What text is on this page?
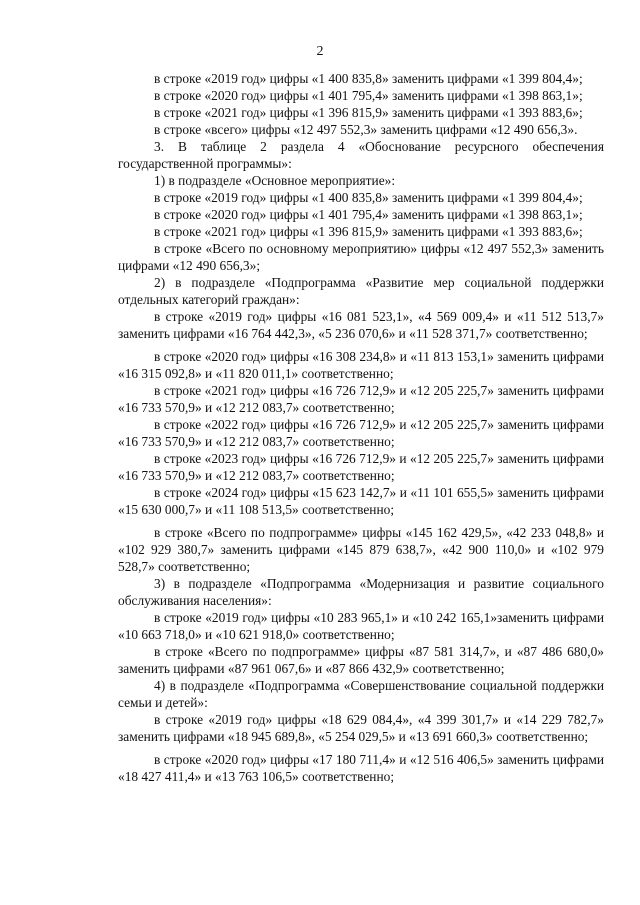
2

в строке «2019 год» цифры «1 400 835,8» заменить цифрами «1 399 804,4»;

в строке «2020 год» цифры «1 401 795,4» заменить цифрами «1 398 863,1»;

в строке «2021 год» цифры «1 396 815,9» заменить цифрами «1 393 883,6»;

в строке «всего» цифры «12 497 552,3» заменить цифрами «12 490 656,3».

3. В таблице 2 раздела 4 «Обоснование ресурсного обеспечения государственной программы»:

1) в подразделе «Основное мероприятие»:

в строке «2019 год» цифры «1 400 835,8» заменить цифрами «1 399 804,4»;

в строке «2020 год» цифры «1 401 795,4» заменить цифрами «1 398 863,1»;

в строке «2021 год» цифры «1 396 815,9» заменить цифрами «1 393 883,6»;

в строке «Всего по основному мероприятию» цифры «12 497 552,3» заменить цифрами «12 490 656,3»;

2) в подразделе «Подпрограмма «Развитие мер социальной поддержки отдельных категорий граждан»:

в строке «2019 год» цифры «16 081 523,1», «4 569 009,4» и «11 512 513,7» заменить цифрами «16 764 442,3», «5 236 070,6» и «11 528 371,7» соответственно;

в строке «2020 год» цифры «16 308 234,8» и «11 813 153,1» заменить цифрами «16 315 092,8» и «11 820 011,1» соответственно;

в строке «2021 год» цифры «16 726 712,9» и «12 205 225,7» заменить цифрами «16 733 570,9» и «12 212 083,7» соответственно;

в строке «2022 год» цифры «16 726 712,9» и «12 205 225,7» заменить цифрами «16 733 570,9» и «12 212 083,7» соответственно;

в строке «2023 год» цифры «16 726 712,9» и «12 205 225,7» заменить цифрами «16 733 570,9» и «12 212 083,7» соответственно;

в строке «2024 год» цифры «15 623 142,7» и «11 101 655,5» заменить цифрами «15 630 000,7» и «11 108 513,5» соответственно;

в строке «Всего по подпрограмме» цифры «145 162 429,5», «42 233 048,8» и «102 929 380,7» заменить цифрами «145 879 638,7», «42 900 110,0» и «102 979 528,7» соответственно;

3) в подразделе «Подпрограмма «Модернизация и развитие социального обслуживания населения»:

в строке «2019 год» цифры «10 283 965,1» и «10 242 165,1»заменить цифрами «10 663 718,0» и «10 621 918,0» соответственно;

в строке «Всего по подпрограмме» цифры «87 581 314,7», и «87 486 680,0» заменить цифрами «87 961 067,6» и «87 866 432,9» соответственно;

4) в подразделе «Подпрограмма «Совершенствование социальной поддержки семьи и детей»:

в строке «2019 год» цифры «18 629 084,4», «4 399 301,7» и «14 229 782,7» заменить цифрами «18 945 689,8», «5 254 029,5» и «13 691 660,3» соответственно;

в строке «2020 год» цифры «17 180 711,4» и «12 516 406,5» заменить цифрами «18 427 411,4» и «13 763 106,5» соответственно;
